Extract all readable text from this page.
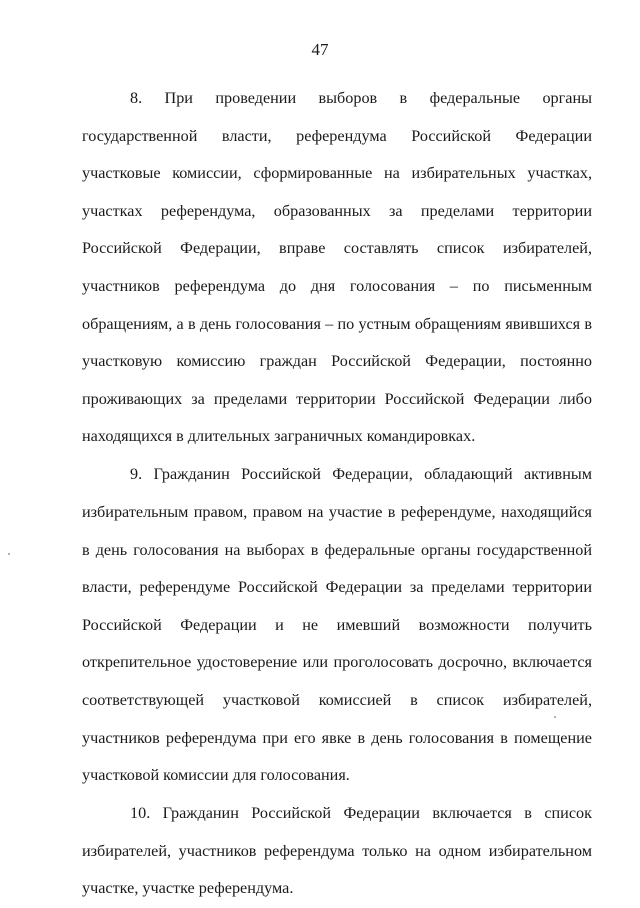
47

8. При проведении выборов в федеральные органы государственной власти, референдума Российской Федерации участковые комиссии, сформированные на избирательных участках, участках референдума, образованных за пределами территории Российской Федерации, вправе составлять список избирателей, участников референдума до дня голосования – по письменным обращениям, а в день голосования – по устным обращениям явившихся в участковую комиссию граждан Российской Федерации, постоянно проживающих за пределами территории Российской Федерации либо находящихся в длительных заграничных командировках.

9. Гражданин Российской Федерации, обладающий активным избирательным правом, правом на участие в референдуме, находящийся в день голосования на выборах в федеральные органы государственной власти, референдуме Российской Федерации за пределами территории Российской Федерации и не имевший возможности получить открепительное удостоверение или проголосовать досрочно, включается соответствующей участковой комиссией в список избирателей, участников референдума при его явке в день голосования в помещение участковой комиссии для голосования.

10. Гражданин Российской Федерации включается в список избирателей, участников референдума только на одном избирательном участке, участке референдума.
